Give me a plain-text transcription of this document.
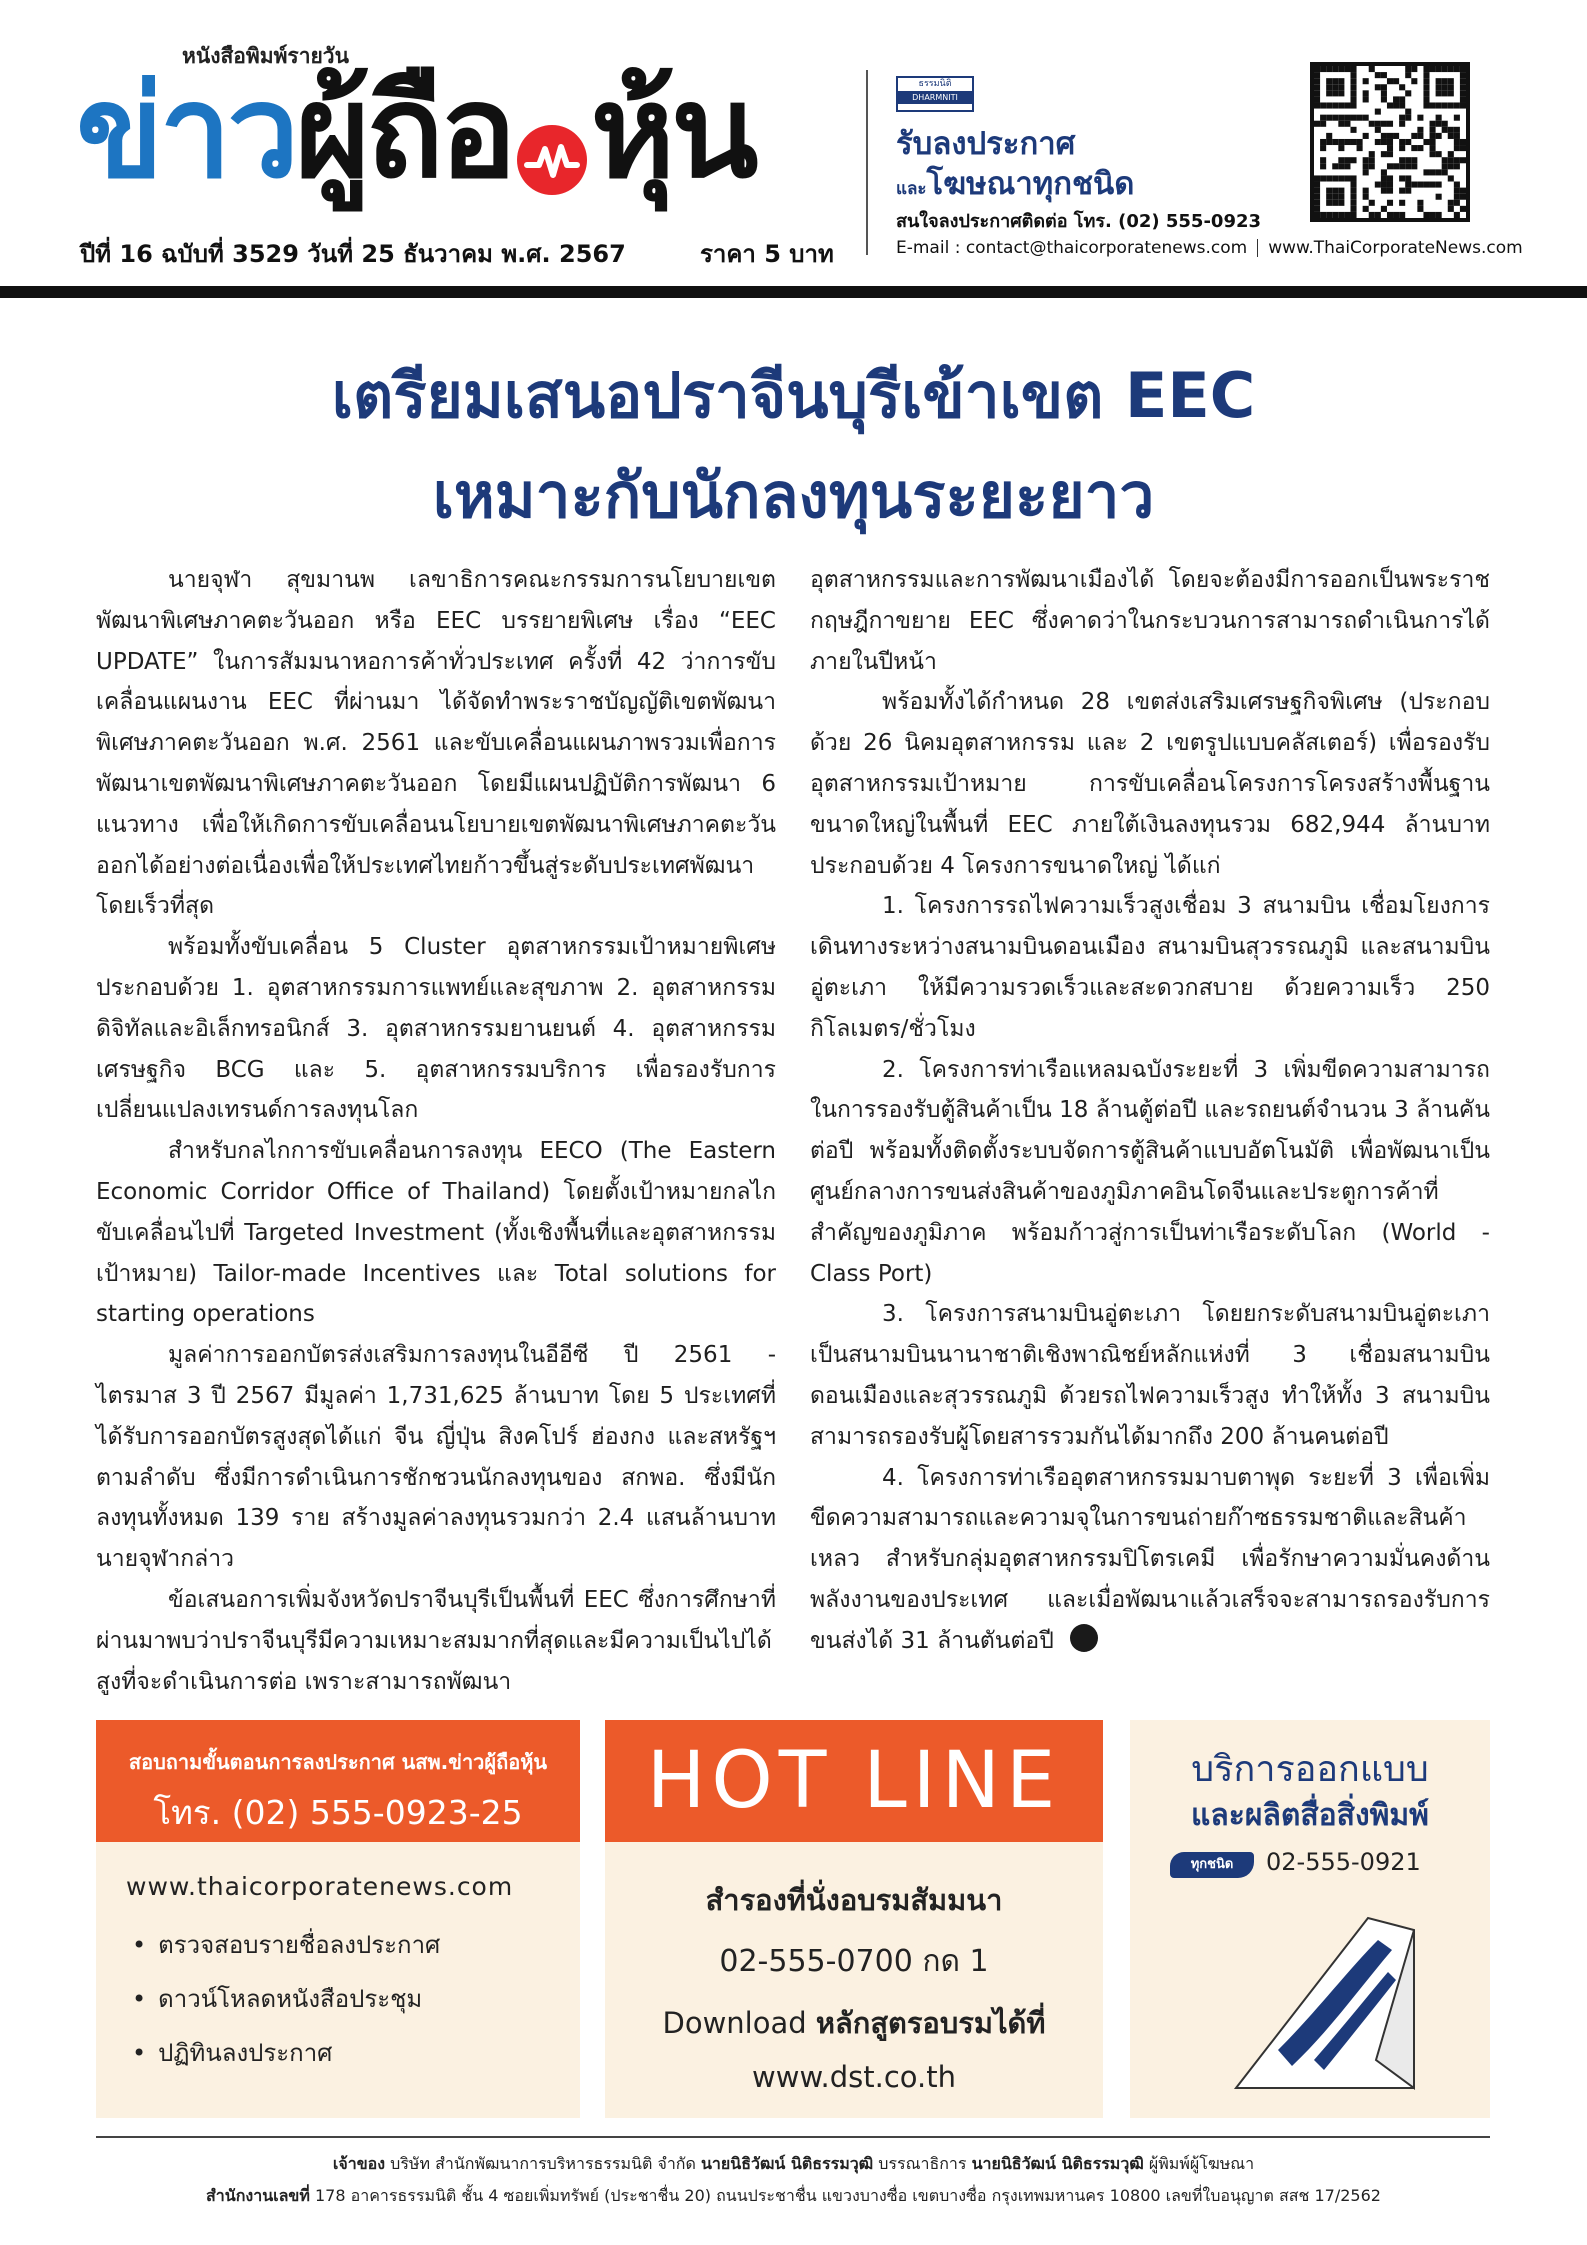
หนังสือพิมพ์รายวัน
ข่าวผู้ถือ หุ้น
ปีที่ 16 ฉบับที่ 3529 วันที่ 25 ธันวาคม พ.ศ. 2567	ราคา 5 บาท
ธรรมนิติ
DHARMNITI
รับลงประกาศ
และโฆษณาทุกชนิด
สนใจลงประกาศติดต่อ โทร. (02) 555-0923
E-mail : contact@thaicorporatenews.com www.ThaiCorporateNews.com
เตรียมเสนอปราจีนบุรีเข้าเขต EEC
เหมาะกับนักลงทุนระยะยาว

นายจุฬา สุขมานพ เลขาธิการคณะกรรมการนโยบายเขตพัฒนาพิเศษภาคตะวันออก หรือ EEC บรรยายพิเศษ เรื่อง “EEC UPDATE” ในการสัมมนาหอการค้าทั่วประเทศ ครั้งที่ 42 ว่าการขับเคลื่อนแผนงาน EEC ที่ผ่านมา ได้จัดทำพระราชบัญญัติเขตพัฒนาพิเศษภาคตะวันออก พ.ศ. 2561 และขับเคลื่อนแผนภาพรวมเพื่อการพัฒนาเขตพัฒนาพิเศษภาคตะวันออก โดยมีแผนปฏิบัติการพัฒนา 6 แนวทาง เพื่อให้เกิดการขับเคลื่อนนโยบายเขตพัฒนาพิเศษภาคตะวันออกได้อย่างต่อเนื่องเพื่อให้ประเทศไทยก้าวขึ้นสู่ระดับประเทศพัฒนาโดยเร็วที่สุด

พร้อมทั้งขับเคลื่อน 5 Cluster อุตสาหกรรมเป้าหมายพิเศษ ประกอบด้วย 1. อุตสาหกรรมการแพทย์และสุขภาพ 2. อุตสาหกรรมดิจิทัลและอิเล็กทรอนิกส์ 3. อุตสาหกรรมยานยนต์ 4. อุตสาหกรรมเศรษฐกิจ BCG และ 5. อุตสาหกรรมบริการ เพื่อรองรับการเปลี่ยนแปลงเทรนด์การลงทุนโลก

สำหรับกลไกการขับเคลื่อนการลงทุน EECO (The Eastern Economic Corridor Office of Thailand) โดยตั้งเป้าหมายกลไกขับเคลื่อนไปที่ Targeted Investment (ทั้งเชิงพื้นที่และอุตสาหกรรมเป้าหมาย) Tailor-made Incentives และ Total solutions for starting operations

มูลค่าการออกบัตรส่งเสริมการลงทุนในอีอีซี ปี 2561 - ไตรมาส 3 ปี 2567 มีมูลค่า 1,731,625 ล้านบาท โดย 5 ประเทศที่ได้รับการออกบัตรสูงสุดได้แก่ จีน ญี่ปุ่น สิงคโปร์ ฮ่องกง และสหรัฐฯ ตามลำดับ ซึ่งมีการดำเนินการชักชวนนักลงทุนของ สกพอ. ซึ่งมีนักลงทุนทั้งหมด 139 ราย สร้างมูลค่าลงทุนรวมกว่า 2.4 แสนล้านบาท นายจุฬากล่าว

ข้อเสนอการเพิ่มจังหวัดปราจีนบุรีเป็นพื้นที่ EEC ซึ่งการศึกษาที่ผ่านมาพบว่าปราจีนบุรีมีความเหมาะสมมากที่สุดและมีความเป็นไปได้สูงที่จะดำเนินการต่อ เพราะสามารถพัฒนา

อุตสาหกรรมและการพัฒนาเมืองได้ โดยจะต้องมีการออกเป็นพระราชกฤษฎีกาขยาย EEC ซึ่งคาดว่าในกระบวนการสามารถดำเนินการได้ภายในปีหน้า

พร้อมทั้งได้กำหนด 28 เขตส่งเสริมเศรษฐกิจพิเศษ (ประกอบด้วย 26 นิคมอุตสาหกรรม และ 2 เขตรูปแบบคลัสเตอร์) เพื่อรองรับอุตสาหกรรมเป้าหมาย การขับเคลื่อนโครงการโครงสร้างพื้นฐานขนาดใหญ่ในพื้นที่ EEC ภายใต้เงินลงทุนรวม 682,944 ล้านบาท ประกอบด้วย 4 โครงการขนาดใหญ่ ได้แก่

1. โครงการรถไฟความเร็วสูงเชื่อม 3 สนามบิน เชื่อมโยงการเดินทางระหว่างสนามบินดอนเมือง สนามบินสุวรรณภูมิ และสนามบินอู่ตะเภา ให้มีความรวดเร็วและสะดวกสบาย ด้วยความเร็ว 250 กิโลเมตร/ชั่วโมง

2. โครงการท่าเรือแหลมฉบังระยะที่ 3 เพิ่มขีดความสามารถในการรองรับตู้สินค้าเป็น 18 ล้านตู้ต่อปี และรถยนต์จำนวน 3 ล้านคันต่อปี พร้อมทั้งติดตั้งระบบจัดการตู้สินค้าแบบอัตโนมัติ เพื่อพัฒนาเป็นศูนย์กลางการขนส่งสินค้าของภูมิภาคอินโดจีนและประตูการค้าที่สำคัญของภูมิภาค พร้อมก้าวสู่การเป็นท่าเรือระดับโลก (World - Class Port)

3. โครงการสนามบินอู่ตะเภา โดยยกระดับสนามบินอู่ตะเภาเป็นสนามบินนานาชาติเชิงพาณิชย์หลักแห่งที่ 3 เชื่อมสนามบินดอนเมืองและสุวรรณภูมิ ด้วยรถไฟความเร็วสูง ทำให้ทั้ง 3 สนามบินสามารถรองรับผู้โดยสารรวมกันได้มากถึง 200 ล้านคนต่อปี

4. โครงการท่าเรืออุตสาหกรรมมาบตาพุด ระยะที่ 3 เพื่อเพิ่มขีดความสามารถและความจุในการขนถ่ายก๊าซธรรมชาติและสินค้าเหลว สำหรับกลุ่มอุตสาหกรรมปิโตรเคมี เพื่อรักษาความมั่นคงด้านพลังงานของประเทศ และเมื่อพัฒนาแล้วเสร็จจะสามารถรองรับการขนส่งได้ 31 ล้านตันต่อปี

สอบถามขั้นตอนการลงประกาศ นสพ.ข่าวผู้ถือหุ้น
โทร. (02) 555-0923-25
www.thaicorporatenews.com
• ตรวจสอบรายชื่อลงประกาศ
• ดาวน์โหลดหนังสือประชุม
• ปฏิทินลงประกาศ
HOT LINE
สำรองที่นั่งอบรมสัมมนา
02-555-0700 กด 1
Download หลักสูตรอบรมได้ที่
www.dst.co.th
บริการออกแบบ
และผลิตสื่อสิ่งพิมพ์
ทุกชนิด	02-555-0921
เจ้าของ บริษัท สำนักพัฒนาการบริหารธรรมนิติ จำกัด นายนิธิวัฒน์ นิติธรรมวุฒิ บรรณาธิการ นายนิธิวัฒน์ นิติธรรมวุฒิ ผู้พิมพ์ผู้โฆษณา
สำนักงานเลขที่ 178 อาคารธรรมนิติ ชั้น 4 ซอยเพิ่มทรัพย์ (ประชาชื่น 20) ถนนประชาชื่น แขวงบางซื่อ เขตบางซื่อ กรุงเทพมหานคร 10800 เลขที่ใบอนุญาต สสช 17/2562
